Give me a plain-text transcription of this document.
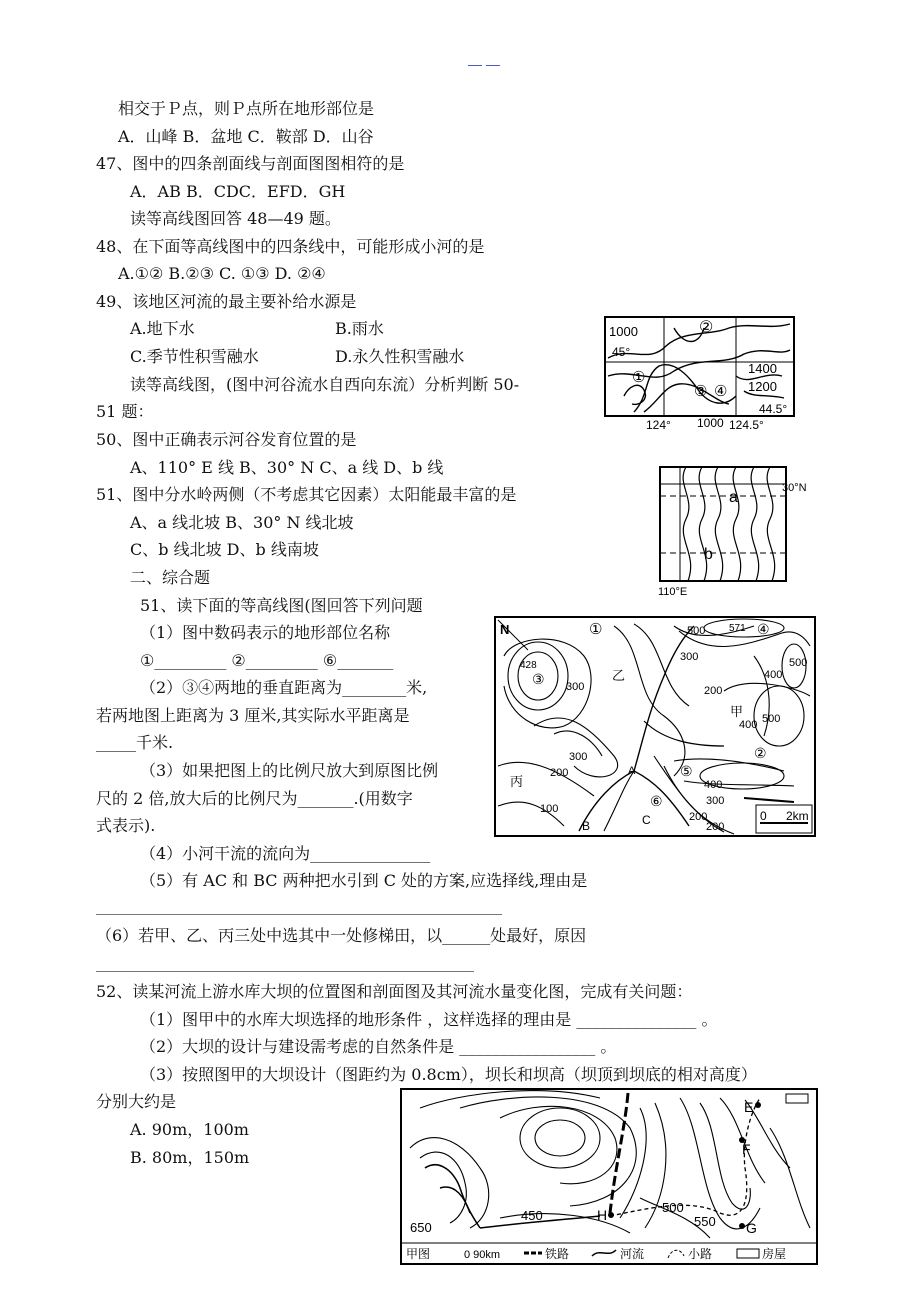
— —
相交于Ｐ点，则Ｐ点所在地形部位是
A．山峰 B．盆地 C．鞍部 D．山谷
47、图中的四条剖面线与剖面图图相符的是
A．AB B．CDC．EFD．GH
读等高线图回答 48—49 题。
48、在下面等高线图中的四条线中，可能形成小河的是
A.①② B.②③ C. ①③ D. ②④
49、该地区河流的最主要补给水源是
A.地下水	B.雨水
C.季节性积雪融水	D.永久性积雪融水
读等高线图，(图中河谷流水自西向东流）分析判断 50-
51 题：
50、图中正确表示河谷发育位置的是
A、110° E 线 B、30° N C、a 线 D、b 线
51、图中分水岭两侧（不考虑其它因素）太阳能最丰富的是
A、a 线北坡 B、30° N 线北坡
C、b 线北坡 D、b 线南坡
二、综合题
51、读下面的等高线图(图回答下列问题
（1）图中数码表示的地形部位名称
①_________ ②_________ ⑥_______
（2）③④两地的垂直距离为________米,
若两地图上距离为 3 厘米,其实际水平距离是
_____千米.
（3）如果把图上的比例尺放大到原图比例
尺的 2 倍,放大后的比例尺为_______.(用数字
式表示).
（4）小河干流的流向为_______________
（5）有 AC 和 BC 两种把水引到 C 处的方案,应选择线,理由是
（6）若甲、乙、丙三处中选其中一处修梯田，以______处最好，原因
52、读某河流上游水库大坝的位置图和剖面图及其河流水量变化图，完成有关问题：
（1）图甲中的水库大坝选择的地形条件 ，这样选择的理由是 _______________ 。
（2）大坝的设计与建设需考虑的自然条件是 _________________ 。
（3）按照图甲的大坝设计（图距约为 0.8cm），坝长和坝高（坝顶到坝底的相对高度）
分别大约是
A. 90m，100m
B. 80m，150m
1000	②
45°
①
③ ④
1400
1200
44.5°
124° 1000 124.5°
a
30°N
b
110°E
N	①	500 571 ④
428
③ 300
乙
300	500
400
200
甲
400 500
300	②
丙
200	A	⑤
400
100	⑥	300
B	C	200
200
0 2km
E
F
650
450	H	500
550 G
甲图	0 90km	铁路	河流	小路	房屋
